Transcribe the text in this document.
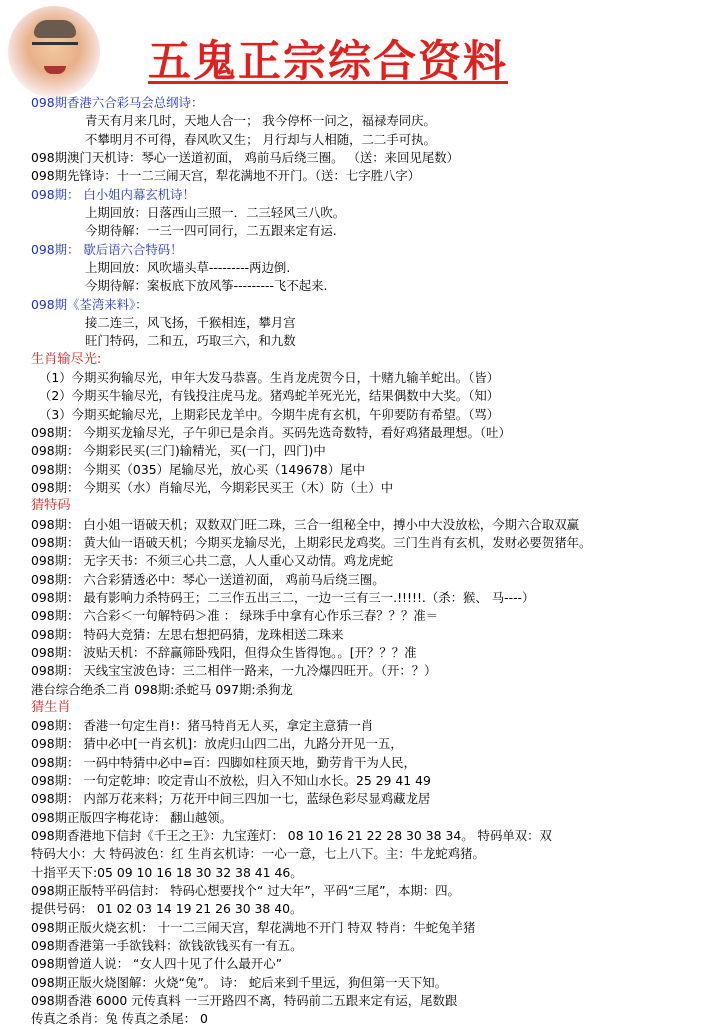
五鬼正宗综合资料
098期香港六合彩马会总纲诗：
青天有月来几时，天地人合一； 我今停杯一问之，福禄寿同庆。
不攀明月不可得，春风吹又生； 月行却与人相随，二二手可执。
098期澳门天机诗：琴心一送道初面， 鸡前马后绕三圈。 （送：来回见尾数）
098期先锋诗：十一二三闹天宫，犁花满地不开门。（送：七字胜八字）
098期： 白小姐内幕玄机诗！
上期回放：日落西山三照一．二三轻风三八吹。
今期待解：一三一四可同行，二五跟来定有运.
098期： 歇后语六合特码！
上期回放：风吹墙头草---------两边倒.
今期待解：案板底下放风筝---------飞不起来.
098期《荃湾来料》：
接二连三，风飞扬，千猴相连，攀月宫
旺门特码，二和五，巧取三六，和九数
生肖输尽光:
（1）今期买狗输尽光，申年大发马恭喜。生肖龙虎贺今日，十赌九输羊蛇出。（皆）
（2）今期买牛输尽光，有钱投注虎马龙。猪鸡蛇羊死光光，结果偶数中大奖。（知）
（3）今期买蛇输尽光，上期彩民龙羊中。今期牛虎有玄机，午卯要防有希望。（骂）
098期： 今期买龙输尽光，子午卯已是余肖。买码先选奇数特，看好鸡猪最理想。（吐）
098期： 今期彩民买(三门)输精光，买(一门，四门)中
098期： 今期买（035）尾输尽光，放心买（149678）尾中
098期： 今期买（水）肖输尽光，今期彩民买王（木）防（土）中
猜特码
098期： 白小姐一语破天机；双数双门旺二珠，三合一组秘全中，搏小中大没放松，今期六合取双赢
098期： 黄大仙一语破天机；今期买龙输尽光，上期彩民龙鸡奖。三门生肖有玄机，发财必要贺猪年。
098期： 无字天书：不须三心共二意，人人重心又动情。鸡龙虎蛇
098期： 六合彩猜透必中：琴心一送道初面， 鸡前马后绕三圈。
098期： 最有影响力杀特码王；二三作五出三二，一边一三有三一.!!!!!.（杀：猴、 马----）
098期： 六合彩＜一句解特码＞准 ： 绿珠手中拿有心作乐三春？？？准＝
098期： 特码大竞猜：左思右想把码猜，龙珠相送二珠来
098期： 波贴天机：不辞赢筛卧残阳，但得众生皆得饱。。[开？？？准
098期： 天线宝宝波色诗：三二相伴一路来，一九冷爆四旺开。（开：？）
港台综合绝杀二肖 098期:杀蛇马 097期:杀狗龙
猜生肖
098期： 香港一句定生肖!：猪马特肖无人买，拿定主意猜一肖
098期： 猜中必中[一肖玄机]：放虎归山四二出，九路分开见一五，
098期： 一码中特猜中必中=百：四脚如柱顶天地，勤劳肯干为人民，
098期： 一句定乾坤：咬定青山不放松，归入不知山水长。25 29 41 49
098期： 内部万花来料；万花开中间三四加一七，蓝绿色彩尽显鸡藏龙居
098期正版四字梅花诗： 翻山越领。
098期香港地下信封《千王之王》：九宝莲灯： 08 10 16 21 22 28 30 38 34。 特码单双：双
特码大小：大 特码波色：红 生肖玄机诗：一心一意，七上八下。主：牛龙蛇鸡猪。
十指平天下:05 09 10 16 18 30 32 38 41 46。
098期正版特平码信封： 特码心想要找个“ 过大年”，平码“三尾”，本期：四。
提供号码： 01 02 03 14 19 21 26 30 38 40。
098期正版火烧玄机： 十一二三闹天宫，犁花满地不开门 特双 特肖：牛蛇兔羊猪
098期香港第一手欲钱料：欲钱欲钱买有一有五。
098期曾道人说： “女人四十见了什么最开心”
098期正版火烧图解：火烧“兔”。 诗： 蛇后来到千里远，狗但第一天下知。
098期香港 6000 元传真料 一三开路四不离，特码前二五跟来定有运，尾数跟
传真之杀肖：兔 传真之杀尾： 0
